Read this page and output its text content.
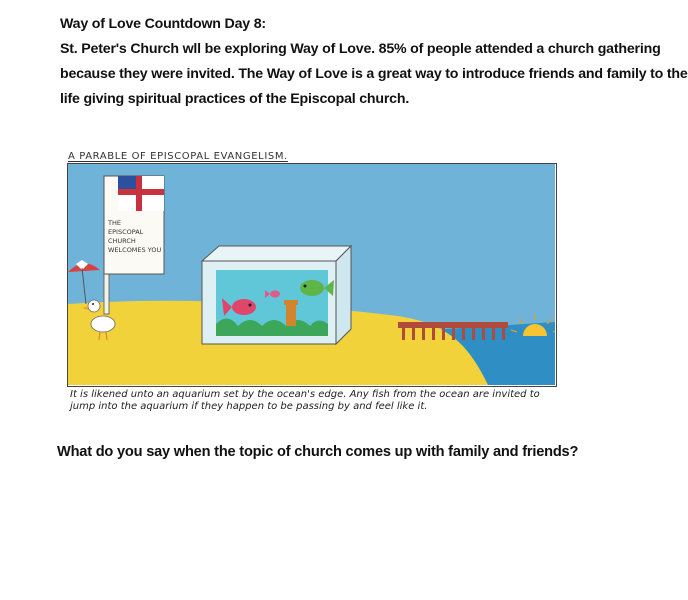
Way of Love Countdown Day 8:
St. Peter's Church wll be exploring Way of Love. 85% of people attended a church gathering
because they were invited. The Way of Love is a great way to introduce friends and family to the
life giving spiritual practices of the Episcopal church.
A PARABLE OF EPISCOPAL EVANGELISM.
THE
EPISCOPAL
CHURCH
WELCOMES YOU
It is likened unto an aquarium set by the ocean's edge. Any fish from the ocean are invited to
jump into the aquarium if they happen to be passing by and feel like it.
What do you say when the topic of church comes up with family and friends?
